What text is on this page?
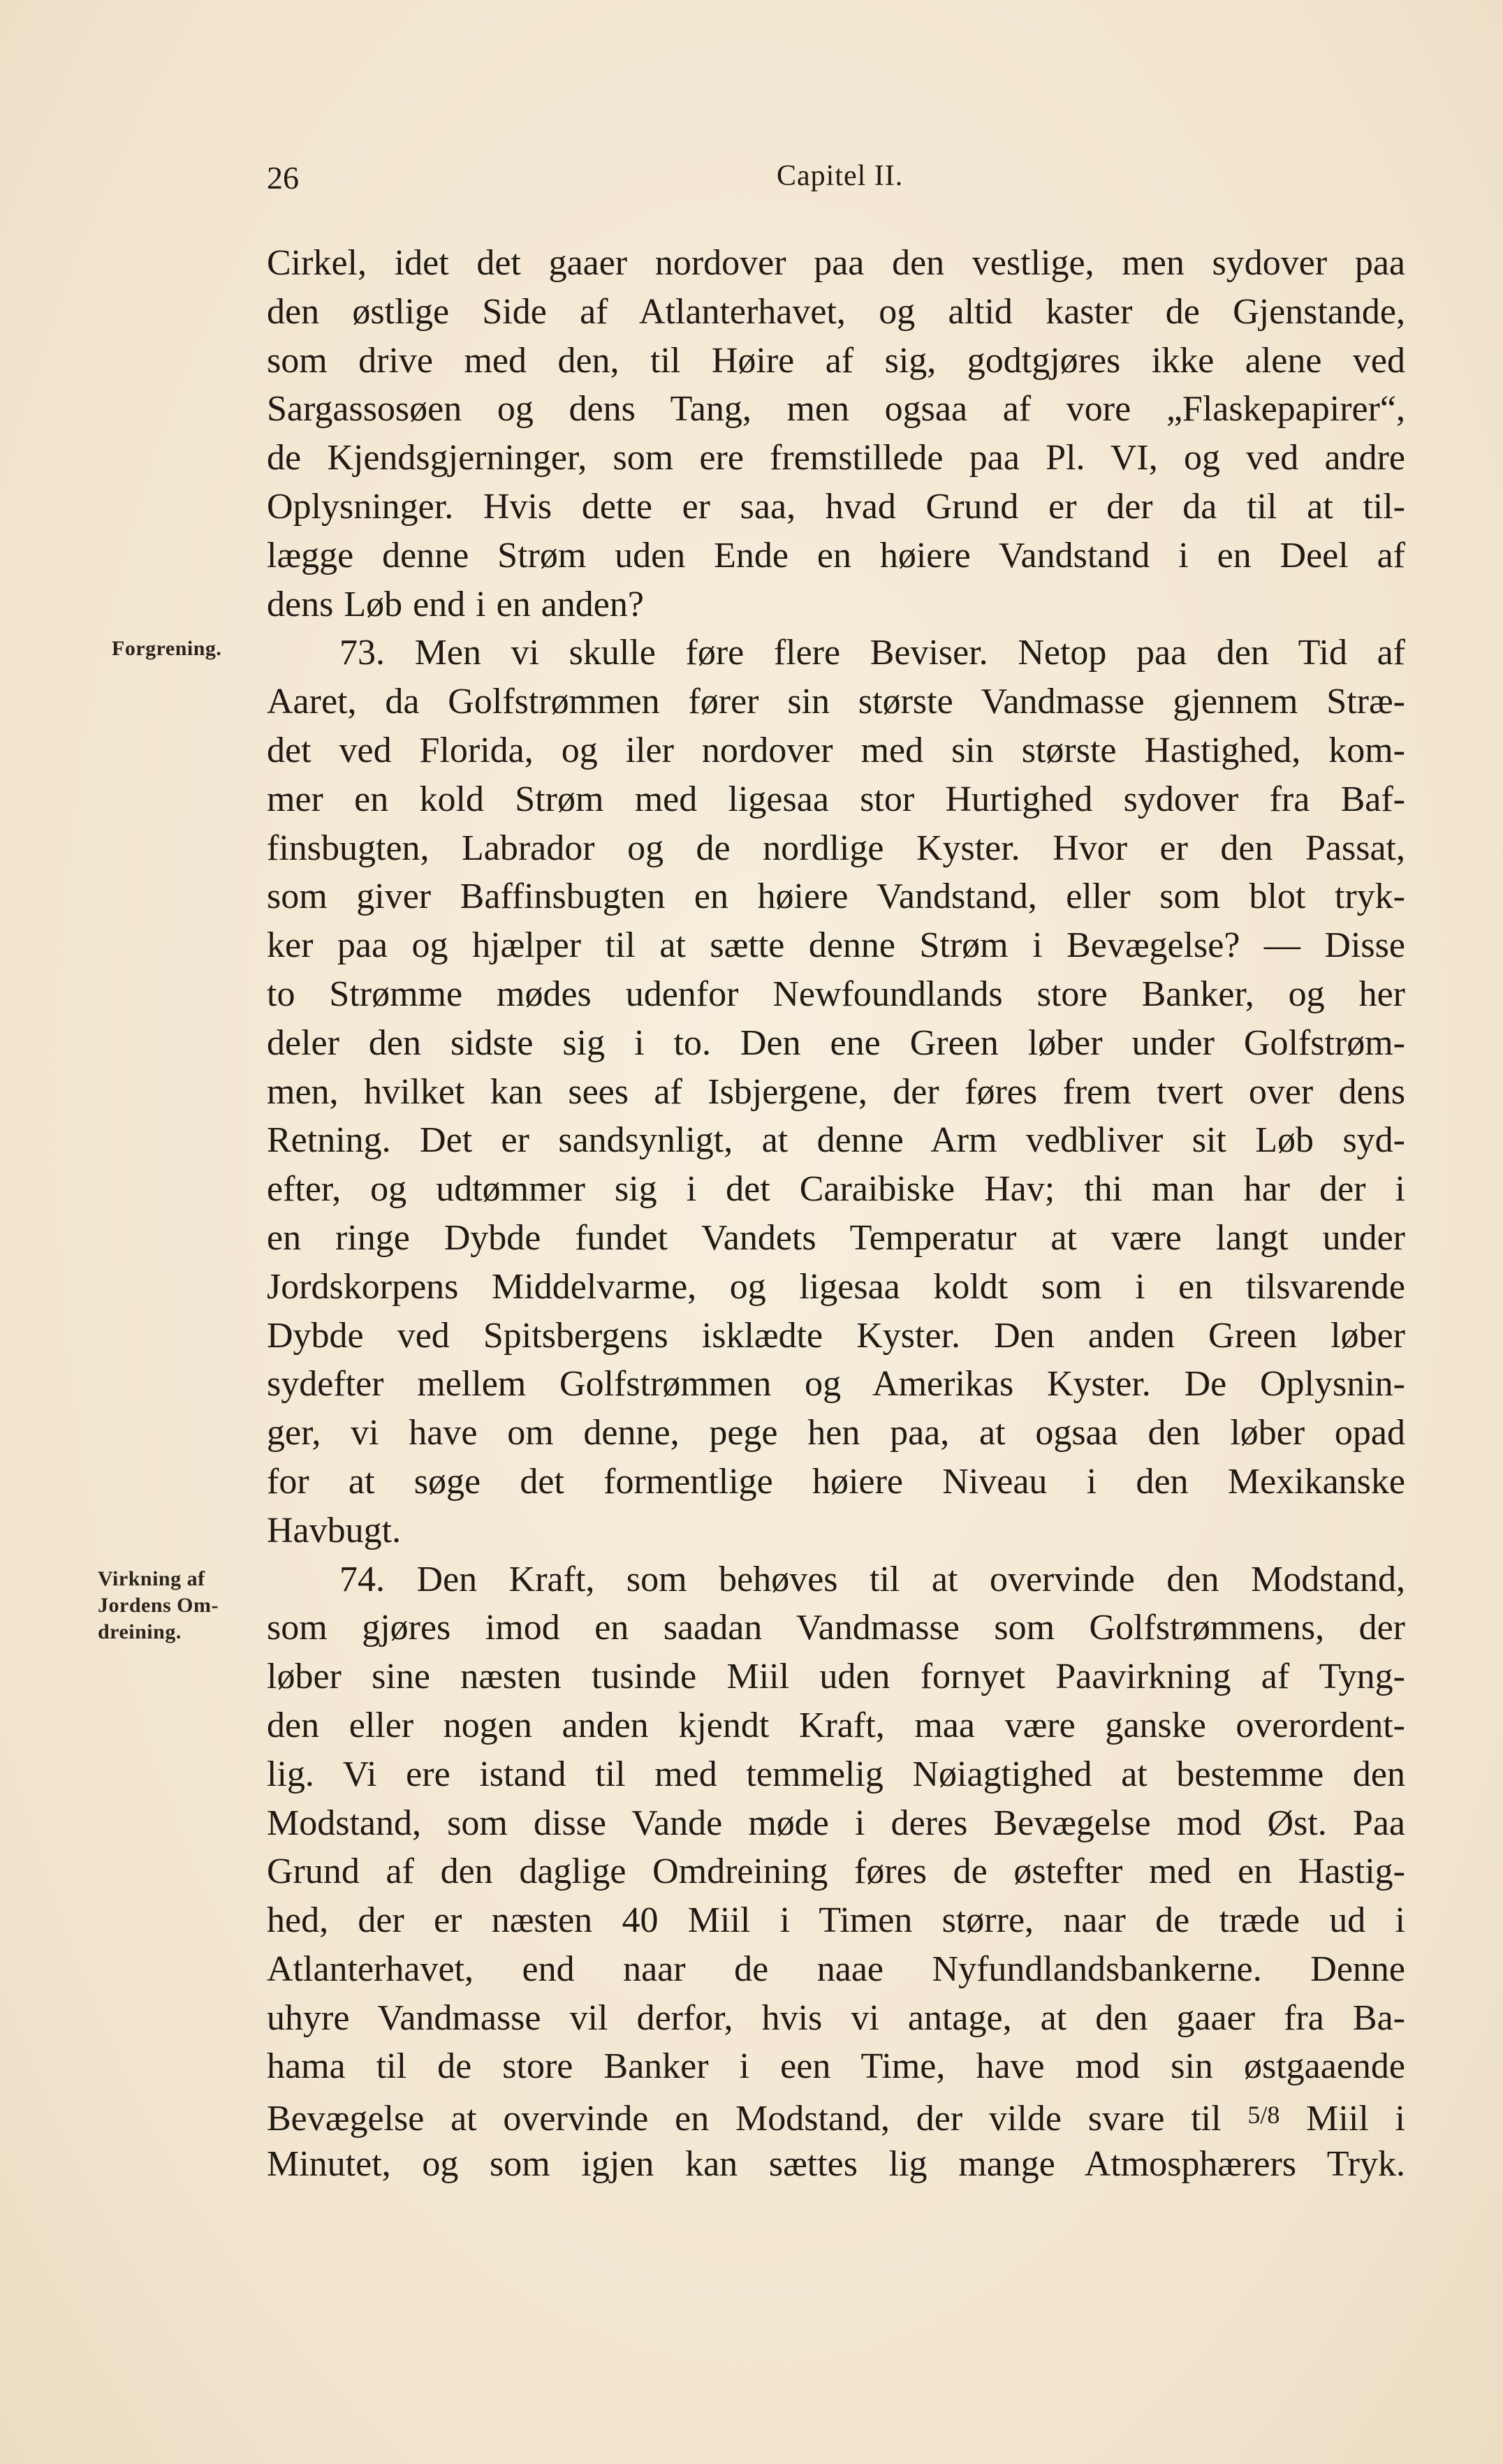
26	Capitel II.
Forgrening.
Virkning af
Jordens Om-
dreining.
Cirkel, idet det gaaer nordover paa den vestlige, men sydover paa
den østlige Side af Atlanterhavet, og altid kaster de Gjenstande,
som drive med den, til Høire af sig, godtgjøres ikke alene ved
Sargassosøen og dens Tang, men ogsaa af vore „Flaskepapirer“,
de Kjendsgjerninger, som ere fremstillede paa Pl. VI, og ved andre
Oplysninger. Hvis dette er saa, hvad Grund er der da til at til-
lægge denne Strøm uden Ende en høiere Vandstand i en Deel af
dens Løb end i en anden?
73. Men vi skulle føre flere Beviser. Netop paa den Tid af
Aaret, da Golfstrømmen fører sin største Vandmasse gjennem Stræ-
det ved Florida, og iler nordover med sin største Hastighed, kom-
mer en kold Strøm med ligesaa stor Hurtighed sydover fra Baf-
finsbugten, Labrador og de nordlige Kyster. Hvor er den Passat,
som giver Baffinsbugten en høiere Vandstand, eller som blot tryk-
ker paa og hjælper til at sætte denne Strøm i Bevægelse? — Disse
to Strømme mødes udenfor Newfoundlands store Banker, og her
deler den sidste sig i to. Den ene Green løber under Golfstrøm-
men, hvilket kan sees af Isbjergene, der føres frem tvert over dens
Retning. Det er sandsynligt, at denne Arm vedbliver sit Løb syd-
efter, og udtømmer sig i det Caraibiske Hav; thi man har der i
en ringe Dybde fundet Vandets Temperatur at være langt under
Jordskorpens Middelvarme, og ligesaa koldt som i en tilsvarende
Dybde ved Spitsbergens isklædte Kyster. Den anden Green løber
sydefter mellem Golfstrømmen og Amerikas Kyster. De Oplysnin-
ger, vi have om denne, pege hen paa, at ogsaa den løber opad
for at søge det formentlige høiere Niveau i den Mexikanske
Havbugt.
74. Den Kraft, som behøves til at overvinde den Modstand,
som gjøres imod en saadan Vandmasse som Golfstrømmens, der
løber sine næsten tusinde Miil uden fornyet Paavirkning af Tyng-
den eller nogen anden kjendt Kraft, maa være ganske overordent-
lig. Vi ere istand til med temmelig Nøiagtighed at bestemme den
Modstand, som disse Vande møde i deres Bevægelse mod Øst. Paa
Grund af den daglige Omdreining føres de østefter med en Hastig-
hed, der er næsten 40 Miil i Timen større, naar de træde ud i
Atlanterhavet, end naar de naae Nyfundlandsbankerne. Denne
uhyre Vandmasse vil derfor, hvis vi antage, at den gaaer fra Ba-
hama til de store Banker i een Time, have mod sin østgaaende
Bevægelse at overvinde en Modstand, der vilde svare til 5/8 Miil i
Minutet, og som igjen kan sættes lig mange Atmosphærers Tryk.
